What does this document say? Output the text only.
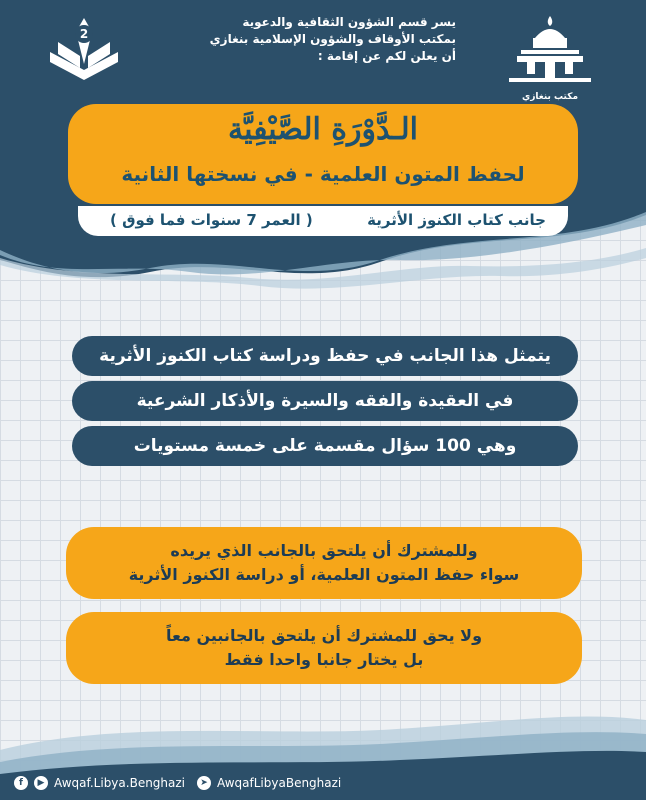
يسر قسم الشؤون الثقافية والدعوية
بمكتب الأوقاف والشؤون الإسلامية بنغازي
أن يعلن لكم عن إقامة :
2
مكتب بنغازي
الـدَّوْرَةِ الصَّيْفِيَّة
لحفظ المتون العلمية - في نسختها الثانية
جانب كتاب الكنوز الأثرية
( العمر 7 سنوات فما فوق )
يتمثل هذا الجانب في حفظ ودراسة كتاب الكنوز الأثرية
في العقيدة والفقه والسيرة والأذكار الشرعية
وهي 100 سؤال مقسمة على خمسة مستويات
وللمشترك أن يلتحق بالجانب الذي يريده
سواء حفظ المتون العلمية، أو دراسة الكنوز الأثرية
ولا يحق للمشترك أن يلتحق بالجانبين معاً
بل يختار جانبا واحدا فقط
f	▶ Awqaf.Libya.Benghazi	➤ AwqafLibyaBenghazi
